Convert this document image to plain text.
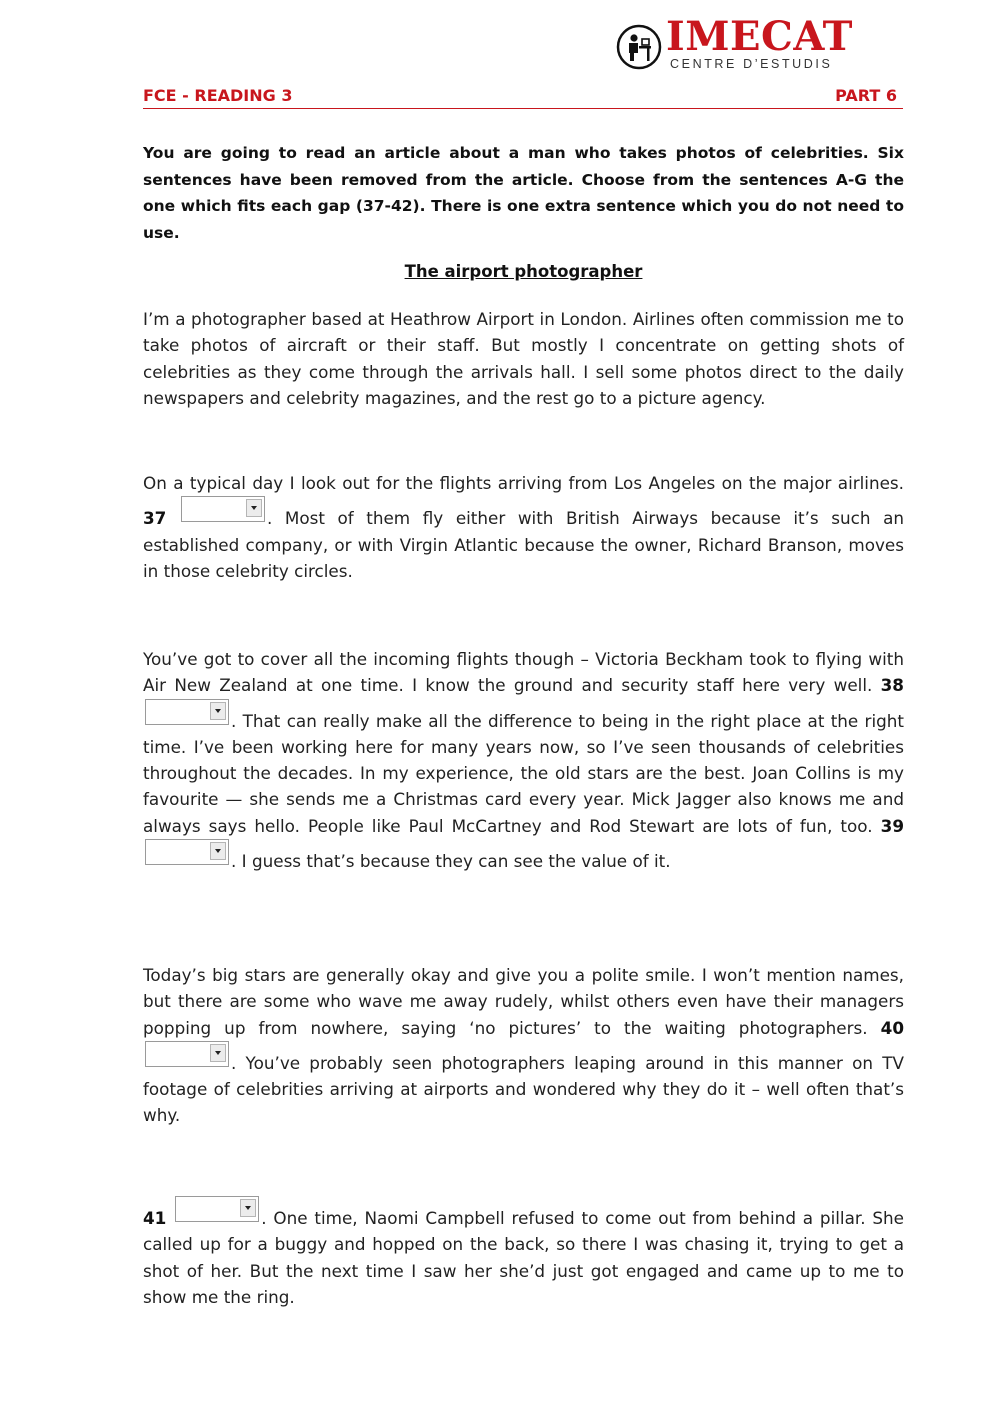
IMECAT
CENTRE D’ESTUDIS
FCE - READING 3	PART 6
You are going to read an article about a man who takes photos of celebrities. Six sentences have been removed from the article. Choose from the sentences A-G the one which fits each gap (37-42). There is one extra sentence which you do not need to use.
The airport photographer
I’m a photographer based at Heathrow Airport in London. Airlines often commission me to take photos of aircraft or their staff. But mostly I concentrate on getting shots of celebrities as they come through the arrivals hall. I sell some photos direct to the daily newspapers and celebrity magazines, and the rest go to a picture agency.
On a typical day I look out for the flights arriving from Los Angeles on the major airlines. 37	. Most of them fly either with British Airways because it’s such an established company, or with Virgin Atlantic because the owner, Richard Branson, moves in those celebrity circles.
You’ve got to cover all the incoming flights though – Victoria Beckham took to flying with Air New Zealand at one time. I know the ground and security staff here very well. 38
. That can really make all the difference to being in the right place at the right time. I’ve been working here for many years now, so I’ve seen thousands of celebrities throughout the decades. In my experience, the old stars are the best. Joan Collins is my favourite — she sends me a Christmas card every year. Mick Jagger also knows me and always says hello. People like Paul McCartney and Rod Stewart are lots of fun, too. 39
. I guess that’s because they can see the value of it.
Today’s big stars are generally okay and give you a polite smile. I won’t mention names, but there are some who wave me away rudely, whilst others even have their managers popping up from nowhere, saying ‘no pictures’ to the waiting photographers. 40
. You’ve probably seen photographers leaping around in this manner on TV footage of celebrities arriving at airports and wondered why they do it – well often that’s why.
41	. One time, Naomi Campbell refused to come out from behind a pillar. She called up for a buggy and hopped on the back, so there I was chasing it, trying to get a shot of her. But the next time I saw her she’d just got engaged and came up to me to show me the ring.
